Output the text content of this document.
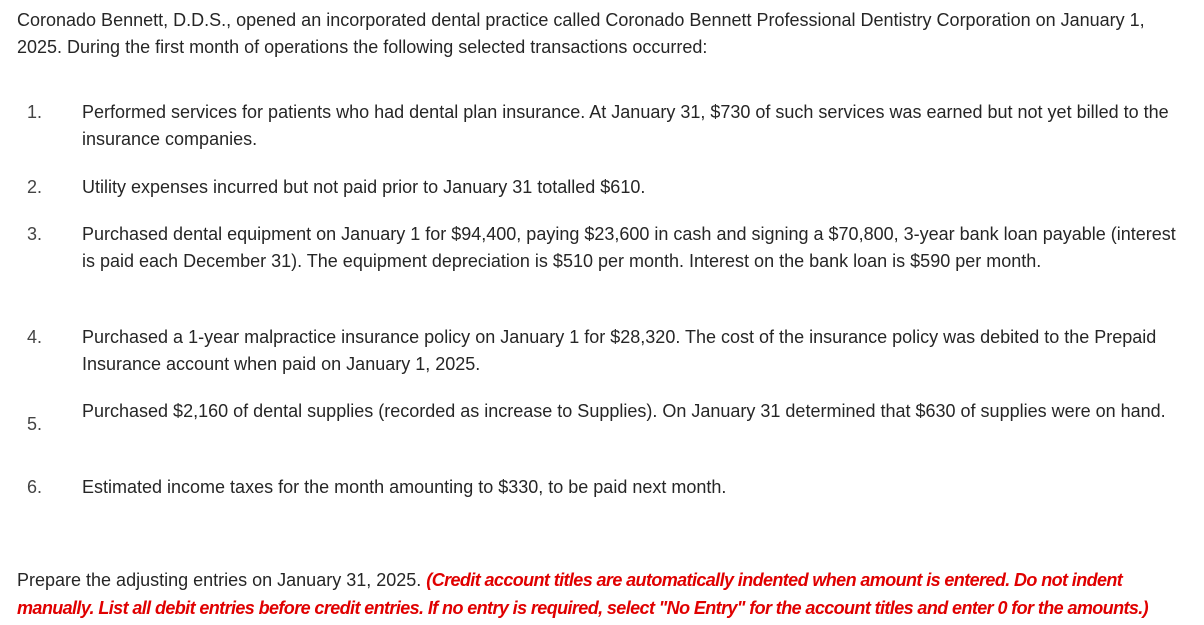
Coronado Bennett, D.D.S., opened an incorporated dental practice called Coronado Bennett Professional Dentistry Corporation on January 1, 2025. During the first month of operations the following selected transactions occurred:

1. Performed services for patients who had dental plan insurance. At January 31, $730 of such services was earned but not yet billed to the insurance companies.

2. Utility expenses incurred but not paid prior to January 31 totalled $610.

3. Purchased dental equipment on January 1 for $94,400, paying $23,600 in cash and signing a $70,800, 3-year bank loan payable (interest is paid each December 31). The equipment depreciation is $510 per month. Interest on the bank loan is $590 per month.

4. Purchased a 1-year malpractice insurance policy on January 1 for $28,320. The cost of the insurance policy was debited to the Prepaid Insurance account when paid on January 1, 2025.

5.

Purchased $2,160 of dental supplies (recorded as increase to Supplies). On January 31 determined that $630 of supplies were on hand.

6. Estimated income taxes for the month amounting to $330, to be paid next month.

Prepare the adjusting entries on January 31, 2025. (Credit account titles are automatically indented when amount is entered. Do not indent manually. List all debit entries before credit entries. If no entry is required, select "No Entry" for the account titles and enter 0 for the amounts.)
